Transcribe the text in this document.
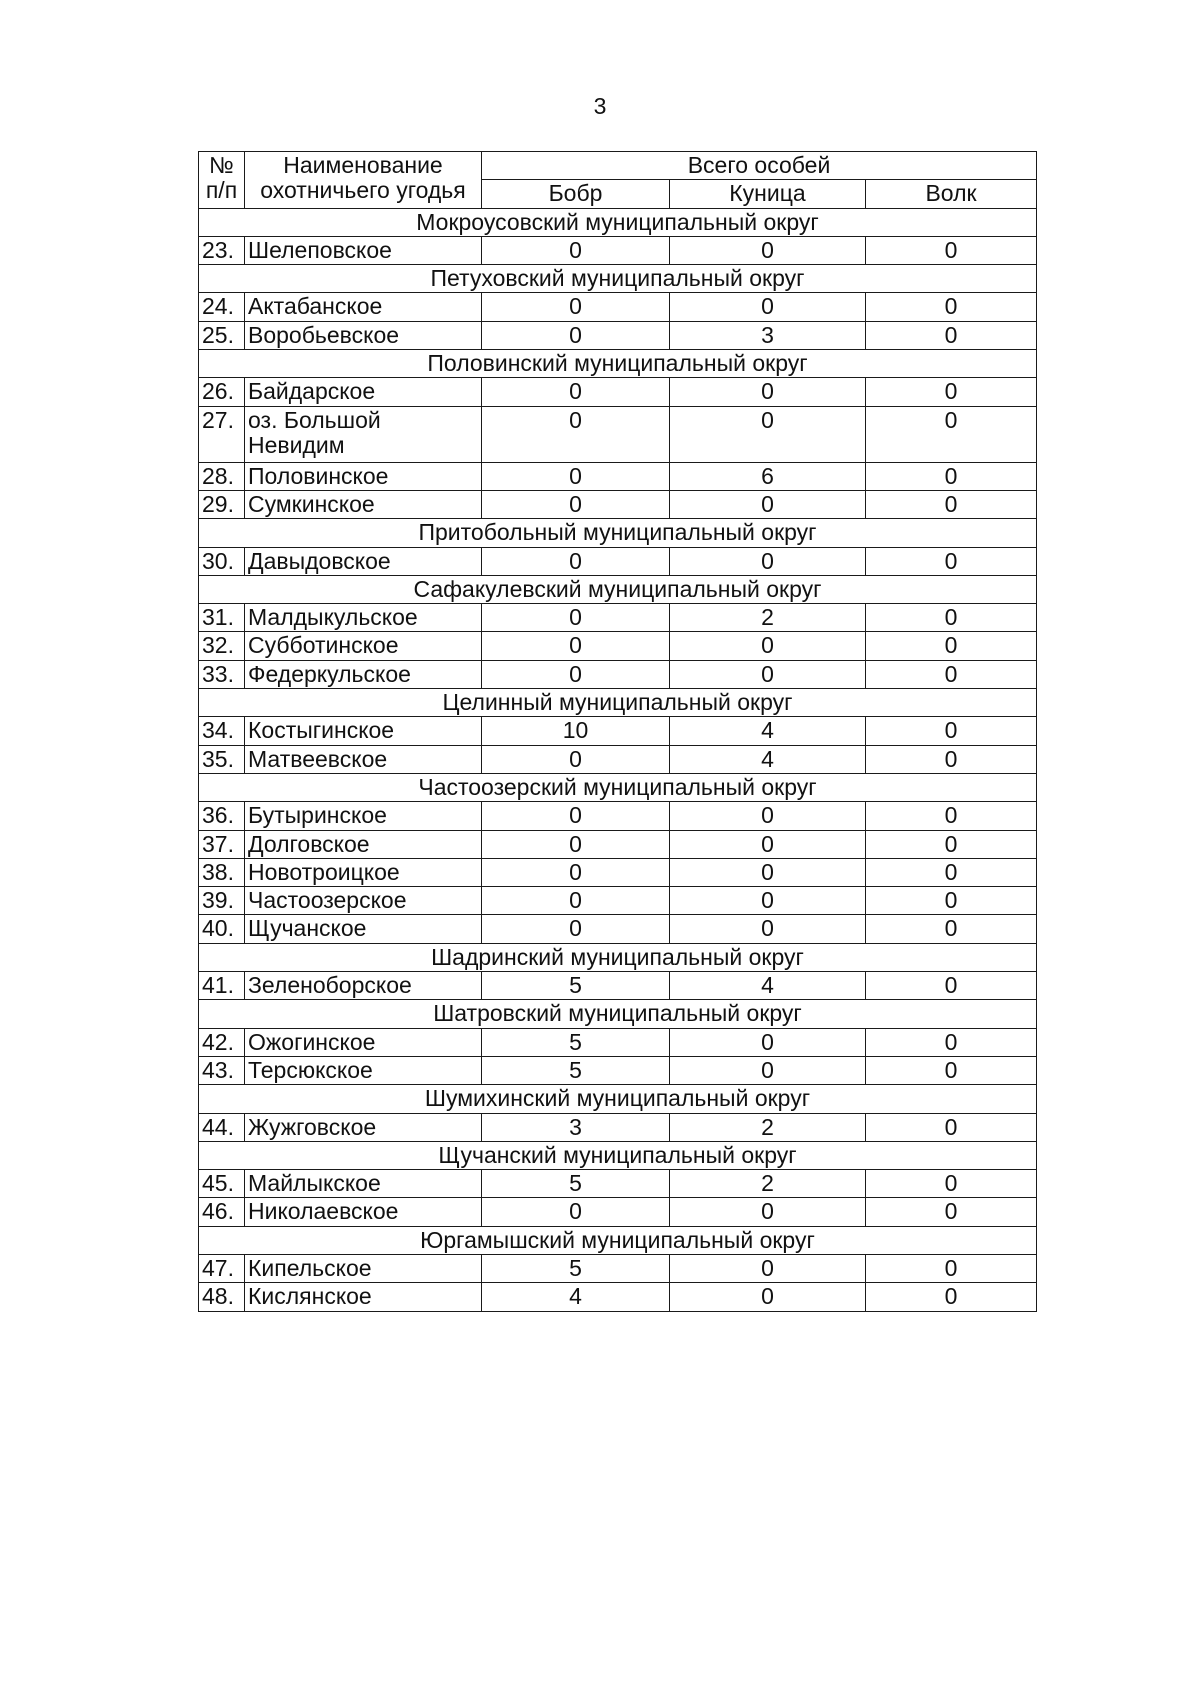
3
№ п/п	Наименование охотничьего угодья	Всего особей		
		Бобр	Куница	Волк
Мокроусовский муниципальный округ				
23.	Шелеповское	0	0	0
Петуховский муниципальный округ				
24.	Актабанское	0	0	0
25.	Воробьевское	0	3	0
Половинский муниципальный округ				
26.	Байдарское	0	0	0
27.	оз. Большой Невидим	0	0	0
28.	Половинское	0	6	0
29.	Сумкинское	0	0	0
Притобольный муниципальный округ				
30.	Давыдовское	0	0	0
Сафакулевский муниципальный округ				
31.	Малдыкульское	0	2	0
32.	Субботинское	0	0	0
33.	Федеркульское	0	0	0
Целинный муниципальный округ				
34.	Костыгинское	10	4	0
35.	Матвеевское	0	4	0
Частоозерский муниципальный округ				
36.	Бутыринское	0	0	0
37.	Долговское	0	0	0
38.	Новотроицкое	0	0	0
39.	Частоозерское	0	0	0
40.	Щучанское	0	0	0
Шадринский муниципальный округ				
41.	Зеленоборское	5	4	0
Шатровский муниципальный округ				
42.	Ожогинское	5	0	0
43.	Терсюкское	5	0	0
Шумихинский муниципальный округ				
44.	Жужговское	3	2	0
Щучанский муниципальный округ				
45.	Майлыкское	5	2	0
46.	Николаевское	0	0	0
Юргамышский муниципальный округ				
47.	Кипельское	5	0	0
48.	Кислянское	4	0	0
